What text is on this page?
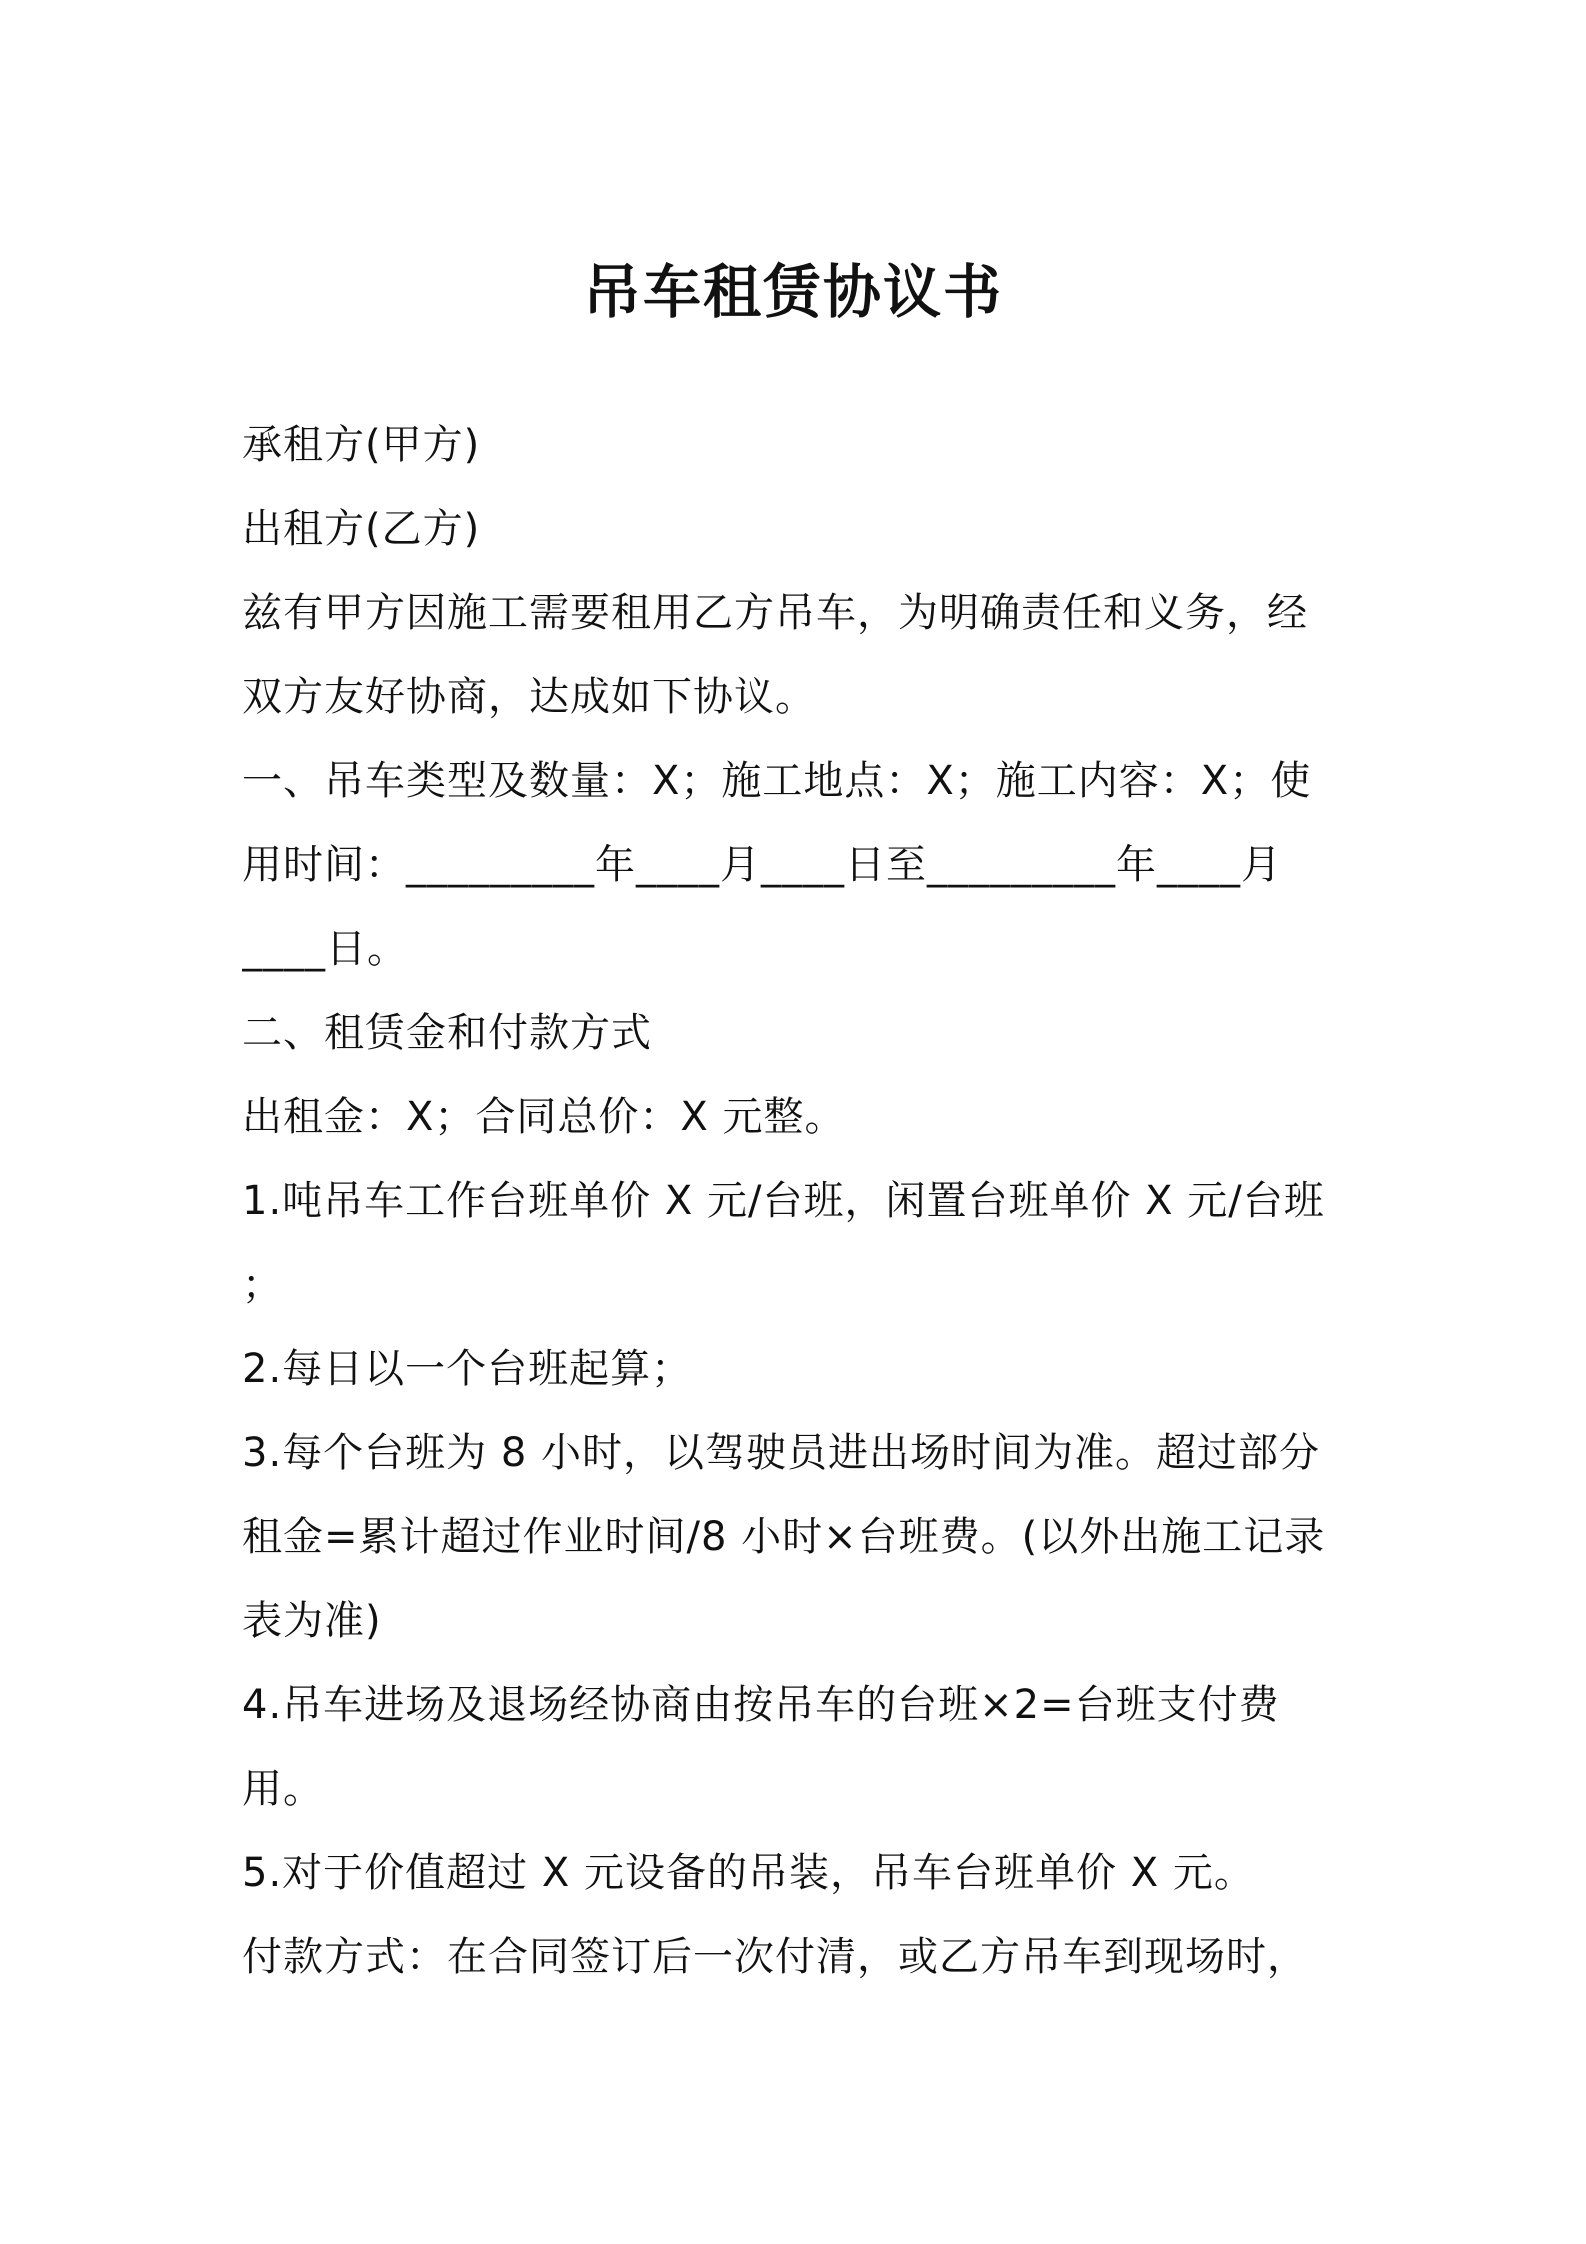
吊车租赁协议书
承租方(甲方)
出租方(乙方)
兹有甲方因施工需要租用乙方吊车，为明确责任和义务，经
双方友好协商，达成如下协议。
一、吊车类型及数量：X；施工地点：X；施工内容：X；使
用时间：_________年____月____日至_________年____月
____日。
二、租赁金和付款方式
出租金：X；合同总价：X 元整。
1.吨吊车工作台班单价 X 元/台班，闲置台班单价 X 元/台班
；
2.每日以一个台班起算；
3.每个台班为 8 小时，以驾驶员进出场时间为准。超过部分
租金=累计超过作业时间/8 小时×台班费。(以外出施工记录
表为准)
4.吊车进场及退场经协商由按吊车的台班×2=台班支付费
用。
5.对于价值超过 X 元设备的吊装，吊车台班单价 X 元。
付款方式：在合同签订后一次付清，或乙方吊车到现场时，
